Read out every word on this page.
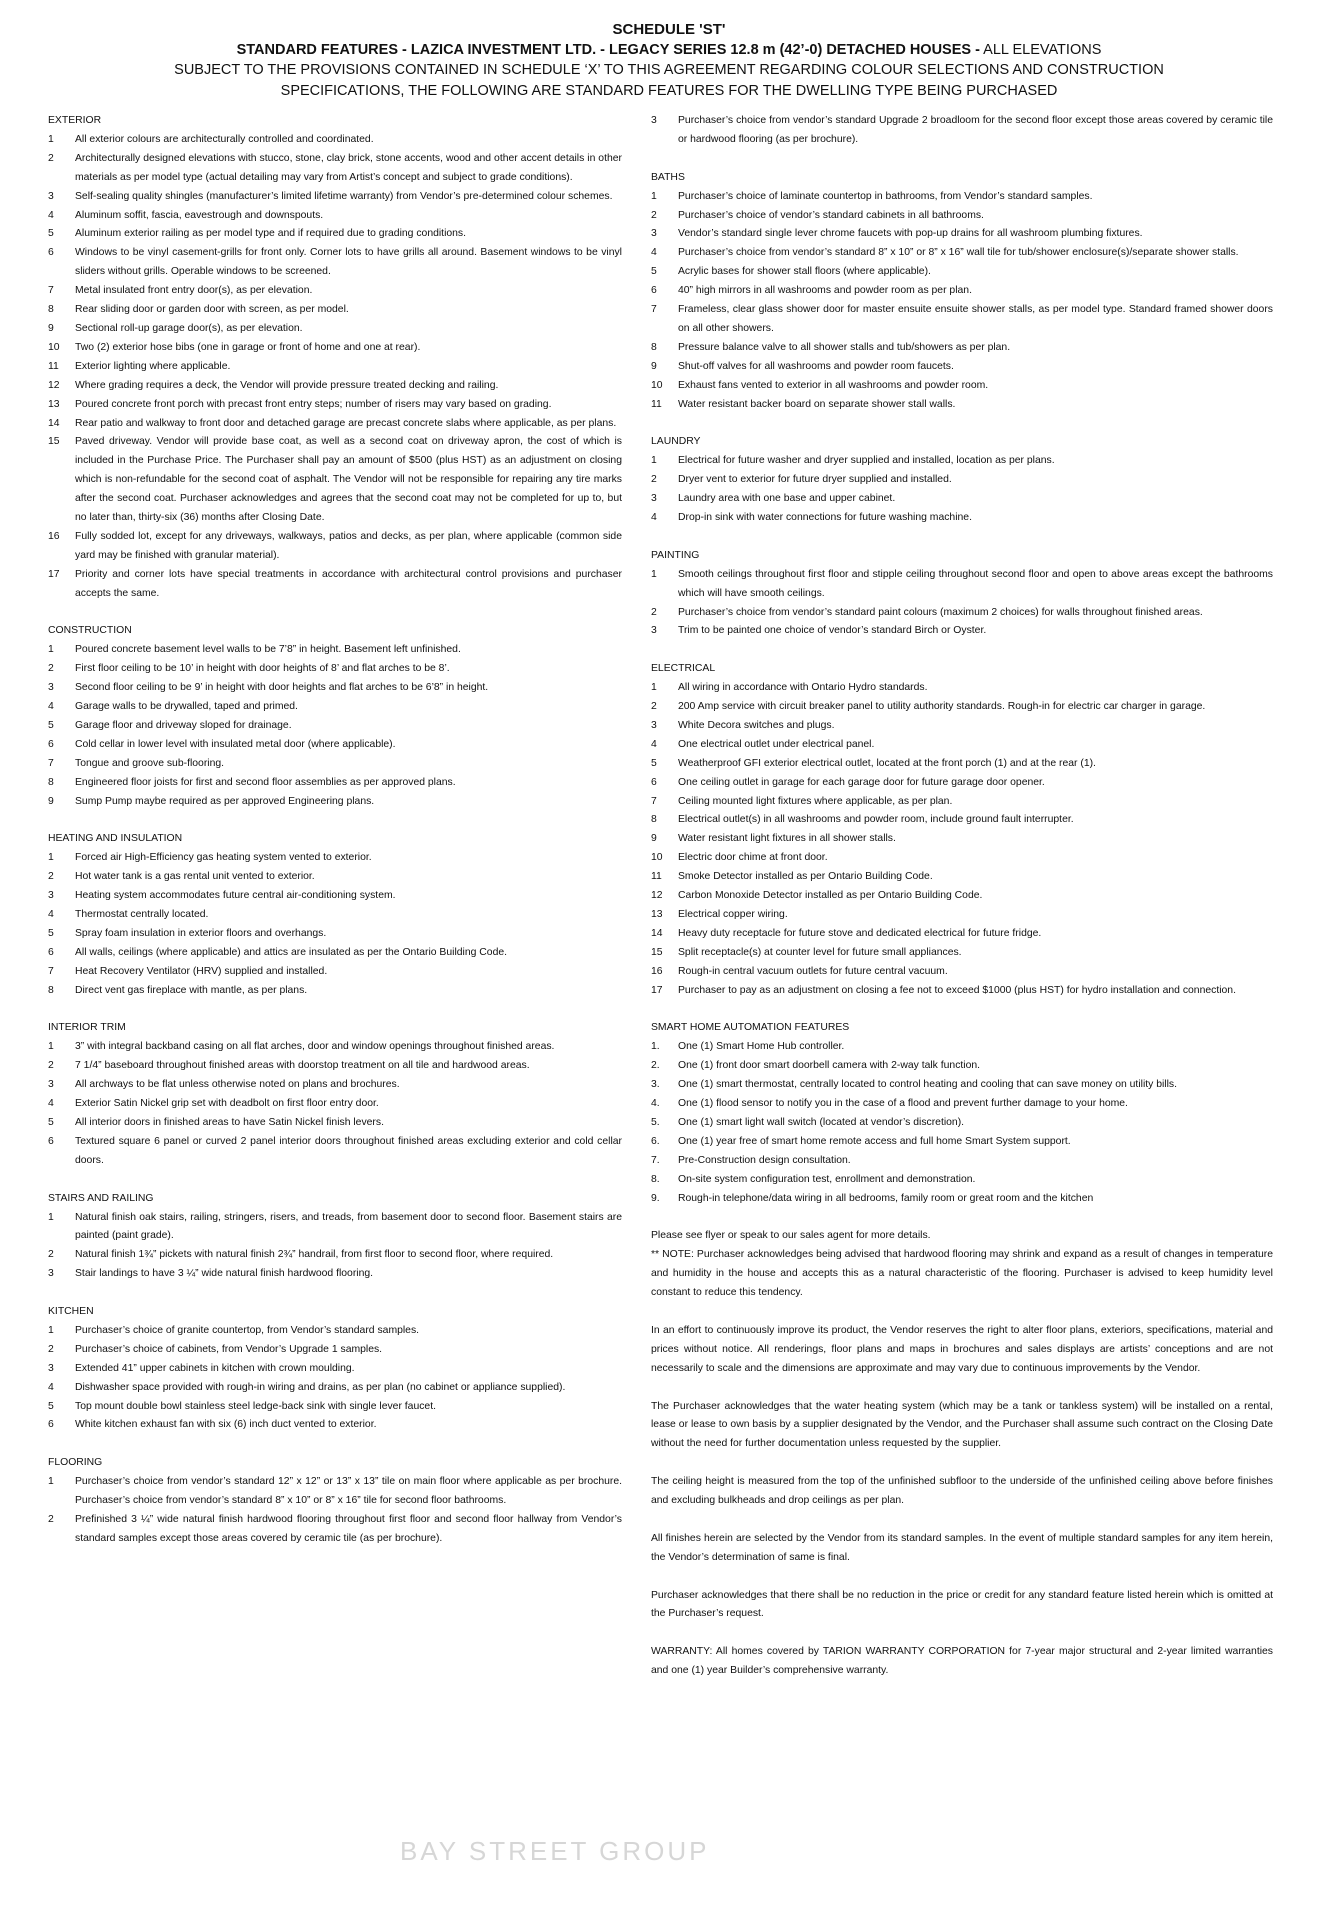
SCHEDULE 'ST'
STANDARD FEATURES - LAZICA INVESTMENT LTD. - LEGACY SERIES 12.8 m (42’-0) DETACHED HOUSES - ALL ELEVATIONS
SUBJECT TO THE PROVISIONS CONTAINED IN SCHEDULE ‘X’ TO THIS AGREEMENT REGARDING COLOUR SELECTIONS AND CONSTRUCTION
SPECIFICATIONS, THE FOLLOWING ARE STANDARD FEATURES FOR THE DWELLING TYPE BEING PURCHASED
EXTERIOR
1	All exterior colours are architecturally controlled and coordinated.
2	Architecturally designed elevations with stucco, stone, clay brick, stone accents, wood and other accent details in other materials as per model type (actual detailing may vary from Artist’s concept and subject to grade conditions).
3	Self-sealing quality shingles (manufacturer’s limited lifetime warranty) from Vendor’s pre-determined colour schemes.
4	Aluminum soffit, fascia, eavestrough and downspouts.
5	Aluminum exterior railing as per model type and if required due to grading conditions.
6	Windows to be vinyl casement-grills for front only. Corner lots to have grills all around. Basement windows to be vinyl sliders without grills. Operable windows to be screened.
7	Metal insulated front entry door(s), as per elevation.
8	Rear sliding door or garden door with screen, as per model.
9	Sectional roll-up garage door(s), as per elevation.
10	Two (2) exterior hose bibs (one in garage or front of home and one at rear).
11	Exterior lighting where applicable.
12	Where grading requires a deck, the Vendor will provide pressure treated decking and railing.
13	Poured concrete front porch with precast front entry steps; number of risers may vary based on grading.
14	Rear patio and walkway to front door and detached garage are precast concrete slabs where applicable, as per plans.
15	Paved driveway. Vendor will provide base coat, as well as a second coat on driveway apron, the cost of which is included in the Purchase Price. The Purchaser shall pay an amount of $500 (plus HST) as an adjustment on closing which is non-refundable for the second coat of asphalt. The Vendor will not be responsible for repairing any tire marks after the second coat. Purchaser acknowledges and agrees that the second coat may not be completed for up to, but no later than, thirty-six (36) months after Closing Date.
16	Fully sodded lot, except for any driveways, walkways, patios and decks, as per plan, where applicable (common side yard may be finished with granular material).
17	Priority and corner lots have special treatments in accordance with architectural control provisions and purchaser accepts the same.
CONSTRUCTION
1	Poured concrete basement level walls to be 7’8” in height. Basement left unfinished.
2	First floor ceiling to be 10’ in height with door heights of 8’ and flat arches to be 8’.
3	Second floor ceiling to be 9’ in height with door heights and flat arches to be 6’8” in height.
4	Garage walls to be drywalled, taped and primed.
5	Garage floor and driveway sloped for drainage.
6	Cold cellar in lower level with insulated metal door (where applicable).
7	Tongue and groove sub-flooring.
8	Engineered floor joists for first and second floor assemblies as per approved plans.
9	Sump Pump maybe required as per approved Engineering plans.
HEATING AND INSULATION
1	Forced air High-Efficiency gas heating system vented to exterior.
2	Hot water tank is a gas rental unit vented to exterior.
3	Heating system accommodates future central air-conditioning system.
4	Thermostat centrally located.
5	Spray foam insulation in exterior floors and overhangs.
6	All walls, ceilings (where applicable) and attics are insulated as per the Ontario Building Code.
7	Heat Recovery Ventilator (HRV) supplied and installed.
8	Direct vent gas fireplace with mantle, as per plans.
INTERIOR TRIM
1	3” with integral backband casing on all flat arches, door and window openings throughout finished areas.
2	7 1/4” baseboard throughout finished areas with doorstop treatment on all tile and hardwood areas.
3	All archways to be flat unless otherwise noted on plans and brochures.
4	Exterior Satin Nickel grip set with deadbolt on first floor entry door.
5	All interior doors in finished areas to have Satin Nickel finish levers.
6	Textured square 6 panel or curved 2 panel interior doors throughout finished areas excluding exterior and cold cellar doors.
STAIRS AND RAILING
1	Natural finish oak stairs, railing, stringers, risers, and treads, from basement door to second floor. Basement stairs are painted (paint grade).
2	Natural finish 1¾” pickets with natural finish 2¾” handrail, from first floor to second floor, where required.
3	Stair landings to have 3 ¼” wide natural finish hardwood flooring.
KITCHEN
1	Purchaser’s choice of granite countertop, from Vendor’s standard samples.
2	Purchaser’s choice of cabinets, from Vendor’s Upgrade 1 samples.
3	Extended 41” upper cabinets in kitchen with crown moulding.
4	Dishwasher space provided with rough-in wiring and drains, as per plan (no cabinet or appliance supplied).
5	Top mount double bowl stainless steel ledge-back sink with single lever faucet.
6	White kitchen exhaust fan with six (6) inch duct vented to exterior.
FLOORING
1	Purchaser’s choice from vendor’s standard 12” x 12” or 13” x 13” tile on main floor where applicable as per brochure. Purchaser’s choice from vendor’s standard 8” x 10” or 8” x 16” tile for second floor bathrooms.
2	Prefinished 3 ¼” wide natural finish hardwood flooring throughout first floor and second floor hallway from Vendor’s standard samples except those areas covered by ceramic tile (as per brochure).
3	Purchaser’s choice from vendor’s standard Upgrade 2 broadloom for the second floor except those areas covered by ceramic tile or hardwood flooring (as per brochure).
BATHS
1	Purchaser’s choice of laminate countertop in bathrooms, from Vendor’s standard samples.
2	Purchaser’s choice of vendor’s standard cabinets in all bathrooms.
3	Vendor’s standard single lever chrome faucets with pop-up drains for all washroom plumbing fixtures.
4	Purchaser’s choice from vendor’s standard 8” x 10” or 8” x 16” wall tile for tub/shower enclosure(s)/separate shower stalls.
5	Acrylic bases for shower stall floors (where applicable).
6	40” high mirrors in all washrooms and powder room as per plan.
7	Frameless, clear glass shower door for master ensuite ensuite shower stalls, as per model type. Standard framed shower doors on all other showers.
8	Pressure balance valve to all shower stalls and tub/showers as per plan.
9	Shut-off valves for all washrooms and powder room faucets.
10	Exhaust fans vented to exterior in all washrooms and powder room.
11	Water resistant backer board on separate shower stall walls.
LAUNDRY
1	Electrical for future washer and dryer supplied and installed, location as per plans.
2	Dryer vent to exterior for future dryer supplied and installed.
3	Laundry area with one base and upper cabinet.
4	Drop-in sink with water connections for future washing machine.
PAINTING
1	Smooth ceilings throughout first floor and stipple ceiling throughout second floor and open to above areas except the bathrooms which will have smooth ceilings.
2	Purchaser’s choice from vendor’s standard paint colours (maximum 2 choices) for walls throughout finished areas.
3	Trim to be painted one choice of vendor’s standard Birch or Oyster.
ELECTRICAL
1	All wiring in accordance with Ontario Hydro standards.
2	200 Amp service with circuit breaker panel to utility authority standards. Rough-in for electric car charger in garage.
3	White Decora switches and plugs.
4	One electrical outlet under electrical panel.
5	Weatherproof GFI exterior electrical outlet, located at the front porch (1) and at the rear (1).
6	One ceiling outlet in garage for each garage door for future garage door opener.
7	Ceiling mounted light fixtures where applicable, as per plan.
8	Electrical outlet(s) in all washrooms and powder room, include ground fault interrupter.
9	Water resistant light fixtures in all shower stalls.
10	Electric door chime at front door.
11	Smoke Detector installed as per Ontario Building Code.
12	Carbon Monoxide Detector installed as per Ontario Building Code.
13	Electrical copper wiring.
14	Heavy duty receptacle for future stove and dedicated electrical for future fridge.
15	Split receptacle(s) at counter level for future small appliances.
16	Rough-in central vacuum outlets for future central vacuum.
17	Purchaser to pay as an adjustment on closing a fee not to exceed $1000 (plus HST) for hydro installation and connection.
SMART HOME AUTOMATION FEATURES
1.	One (1) Smart Home Hub controller.
2.	One (1) front door smart doorbell camera with 2-way talk function.
3.	One (1) smart thermostat, centrally located to control heating and cooling that can save money on utility bills.
4.	One (1) flood sensor to notify you in the case of a flood and prevent further damage to your home.
5.	One (1) smart light wall switch (located at vendor’s discretion).
6.	One (1) year free of smart home remote access and full home Smart System support.
7.	Pre-Construction design consultation.
8.	On-site system configuration test, enrollment and demonstration.
9.	Rough-in telephone/data wiring in all bedrooms, family room or great room and the kitchen
Please see flyer or speak to our sales agent for more details.
** NOTE: Purchaser acknowledges being advised that hardwood flooring may shrink and expand as a result of changes in temperature and humidity in the house and accepts this as a natural characteristic of the flooring. Purchaser is advised to keep humidity level constant to reduce this tendency.
In an effort to continuously improve its product, the Vendor reserves the right to alter floor plans, exteriors, specifications, material and prices without notice. All renderings, floor plans and maps in brochures and sales displays are artists’ conceptions and are not necessarily to scale and the dimensions are approximate and may vary due to continuous improvements by the Vendor.
The Purchaser acknowledges that the water heating system (which may be a tank or tankless system) will be installed on a rental, lease or lease to own basis by a supplier designated by the Vendor, and the Purchaser shall assume such contract on the Closing Date without the need for further documentation unless requested by the supplier.
The ceiling height is measured from the top of the unfinished subfloor to the underside of the unfinished ceiling above before finishes and excluding bulkheads and drop ceilings as per plan.
All finishes herein are selected by the Vendor from its standard samples. In the event of multiple standard samples for any item herein, the Vendor’s determination of same is final.
Purchaser acknowledges that there shall be no reduction in the price or credit for any standard feature listed herein which is omitted at the Purchaser’s request.
WARRANTY: All homes covered by TARION WARRANTY CORPORATION for 7-year major structural and 2-year limited warranties and one (1) year Builder’s comprehensive warranty.
BAY STREET GROUP
